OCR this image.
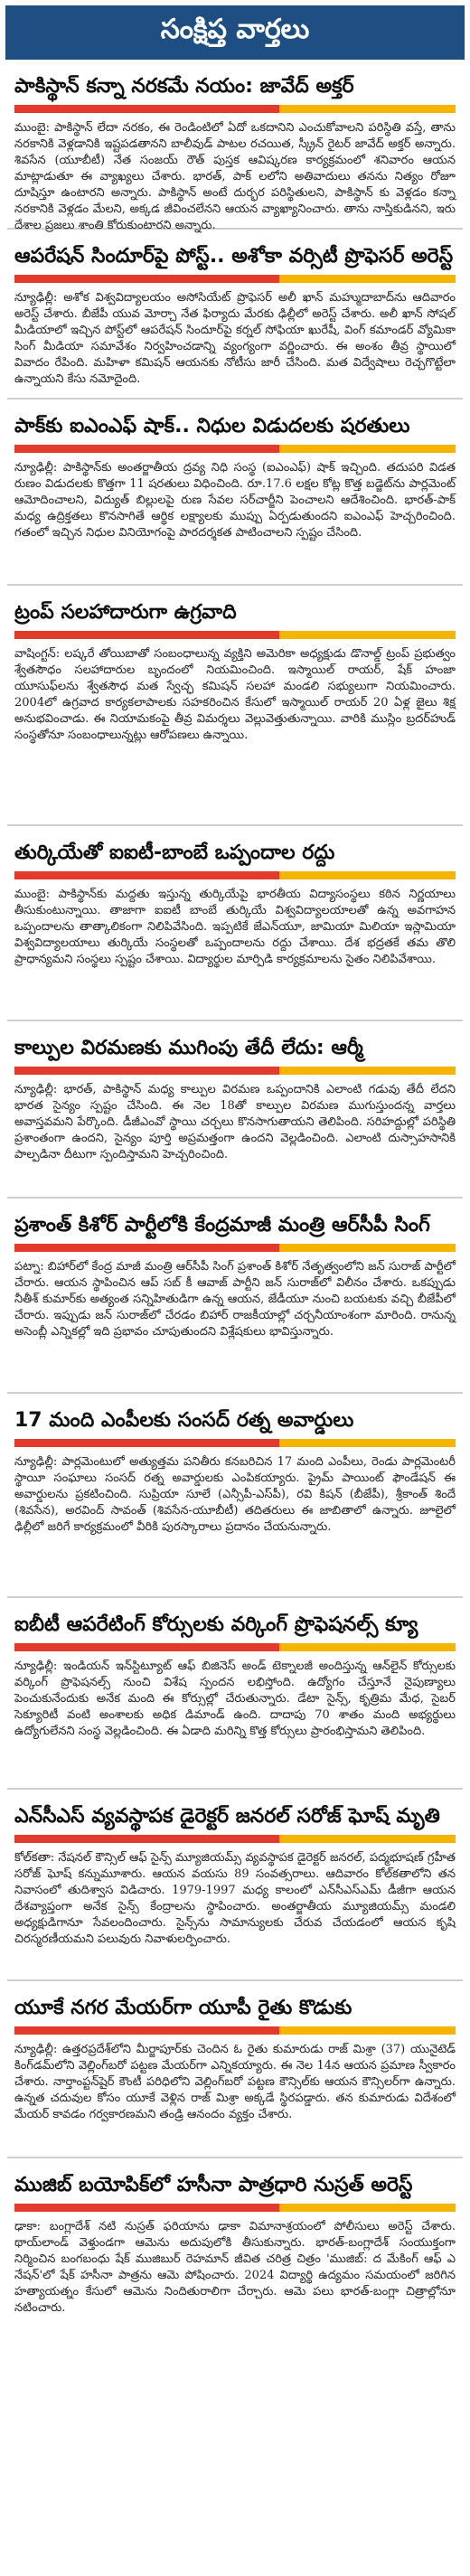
సంక్షిప్త వార్తలు
పాకిస్థాన్ కన్నా నరకమే నయం: జావేద్ అక్తర్

ముంబై: పాకిస్థాన్ లేదా నరకం, ఈ రెండింటిలో ఏదో ఒకదానిని ఎంచుకోవాలని పరిస్థితి వస్తే, తాను నరకానికి వెళ్లడానికి ఇష్టపడతానని బాలీవుడ్ పాటల రచయిత, స్క్రీన్ రైటర్ జావేద్ అక్తర్ అన్నారు. శివసేన (యూబీటీ) నేత సంజయ్ రౌత్ పుస్తక ఆవిష్కరణ కార్యక్రమంలో శనివారం ఆయన మాట్లాడుతూ ఈ వ్యాఖ్యలు చేశారు. భారత్, పాక్ లలోని అతివాదులు తనను నిత్యం రోజూ దూషిస్తూ ఉంటారని అన్నారు. పాకిస్థాన్ అంటే దుర్భర పరిస్థితులని, పాకిస్థాన్ కు వెళ్లడం కన్నా నరకానికి వెళ్లడం మేలని, అక్కడ జీవించలేనని ఆయన వ్యాఖ్యానించారు. తాను నాస్తికుడినని, ఇరు దేశాల ప్రజలు శాంతి కోరుకుంటారని అన్నారు.

ఆపరేషన్ సిందూర్‌పై పోస్ట్.. అశోకా వర్సిటీ ప్రొఫెసర్ అరెస్ట్

న్యూఢిల్లీ: అశోక విశ్వవిద్యాలయం అసోసియేట్ ప్రొఫెసర్ అలీ ఖాన్ మహ్ముదాబాద్‌ను ఆదివారం అరెస్ట్ చేశారు. బీజేపీ యువ మోర్చా నేత ఫిర్యాదు మేరకు ఢిల్లీలో అరెస్ట్ చేశారు. అలీ ఖాన్ సోషల్ మీడియాలో ఇచ్చిన పోస్ట్‌లో ఆపరేషన్ సిందూర్‌పై కర్నల్ సోఫియా ఖురేషీ, వింగ్ కమాండర్ వ్యోమికా సింగ్ మీడియా సమావేశం నిర్వహించడాన్ని వ్యంగ్యంగా వర్ణించారు. ఈ అంశం తీవ్ర స్థాయిలో వివాదం రేపింది. మహిళా కమిషన్ ఆయనకు నోటీసు జారీ చేసింది. మత విద్వేషాలు రెచ్చగొట్టేలా ఉన్నాయని కేసు నమోదైంది.

పాక్‌కు ఐఎంఎఫ్ షాక్.. నిధుల విడుదలకు షరతులు

న్యూఢిల్లీ: పాకిస్థాన్‌కు అంతర్జాతీయ ద్రవ్య నిధి సంస్థ (ఐఎంఎఫ్) షాక్ ఇచ్చింది. తదుపరి విడత రుణం విడుదలకు కొత్తగా 11 షరతులు విధించింది. రూ.17.6 లక్షల కోట్ల కొత్త బడ్జెట్‌ను పార్లమెంట్ ఆమోదించాలని, విద్యుత్ బిల్లులపై రుణ సేవల సర్‌చార్జీని పెంచాలని ఆదేశించింది. భారత్-పాక్ మధ్య ఉద్రిక్తతలు కొనసాగితే ఆర్థిక లక్ష్యాలకు ముప్పు ఏర్పడుతుందని ఐఎంఎఫ్ హెచ్చరించింది. గతంలో ఇచ్చిన నిధుల వినియోగంపై పారదర్శకత పాటించాలని స్పష్టం చేసింది.

ట్రంప్ సలహాదారుగా ఉగ్రవాది

వాషింగ్టన్: లష్కరే తోయిబాతో సంబంధాలున్న వ్యక్తిని అమెరికా అధ్యక్షుడు డొనాల్డ్ ట్రంప్ ప్రభుత్వం శ్వేతసౌధం సలహాదారుల బృందంలో నియమించింది. ఇస్మాయిల్ రాయర్, షేక్ హంజా యూసుఫ్‌లను శ్వేతసౌధ మత స్వేచ్ఛ కమిషన్ సలహా మండలి సభ్యులుగా నియమించారు. 2004లో ఉగ్రవాద కార్యకలాపాలకు సహకరించిన కేసులో ఇస్మాయిల్ రాయర్ 20 ఏళ్ల జైలు శిక్ష అనుభవించాడు. ఈ నియామకంపై తీవ్ర విమర్శలు వెల్లువెత్తుతున్నాయి. వారికి ముస్లిం బ్రదర్‌హుడ్ సంస్థతోనూ సంబంధాలున్నట్లు ఆరోపణలు ఉన్నాయి.

తుర్కియేతో ఐఐటీ-బాంబే ఒప్పందాల రద్దు

ముంబై: పాకిస్థాన్‌కు మద్దతు ఇస్తున్న తుర్కియేపై భారతీయ విద్యాసంస్థలు కఠిన నిర్ణయాలు తీసుకుంటున్నాయి. తాజాగా ఐఐటీ బాంబే తుర్కియే విశ్వవిద్యాలయాలతో ఉన్న అవగాహన ఒప్పందాలను తాత్కాలికంగా నిలిపివేసింది. ఇప్పటికే జేఎన్‌యూ, జామియా మిలియా ఇస్లామియా విశ్వవిద్యాలయాలు తుర్కియే సంస్థలతో ఒప్పందాలను రద్దు చేశాయి. దేశ భద్రతకే తమ తొలి ప్రాధాన్యమని సంస్థలు స్పష్టం చేశాయి. విద్యార్థుల మార్పిడి కార్యక్రమాలను సైతం నిలిపివేశాయి.

కాల్పుల విరమణకు ముగింపు తేదీ లేదు: ఆర్మీ

న్యూఢిల్లీ: భారత్, పాకిస్థాన్ మధ్య కాల్పుల విరమణ ఒప్పందానికి ఎలాంటి గడువు తేదీ లేదని భారత సైన్యం స్పష్టం చేసింది. ఈ నెల 18తో కాల్పుల విరమణ ముగుస్తుందన్న వార్తలు అవాస్తవమని పేర్కొంది. డీజీఎంవో స్థాయి చర్చలు కొనసాగుతాయని తెలిపింది. సరిహద్దుల్లో పరిస్థితి ప్రశాంతంగా ఉందని, సైన్యం పూర్తి అప్రమత్తంగా ఉందని వెల్లడించింది. ఎలాంటి దుస్సాహసానికి పాల్పడినా దీటుగా స్పందిస్తామని హెచ్చరించింది.

ప్రశాంత్ కిశోర్ పార్టీలోకి కేంద్రమాజీ మంత్రి ఆర్‌సీపీ సింగ్

పట్నా: బిహార్‌లో కేంద్ర మాజీ మంత్రి ఆర్‌సీపీ సింగ్ ప్రశాంత్ కిశోర్ నేతృత్వంలోని జన్ సురాజ్ పార్టీలో చేరారు. ఆయన స్థాపించిన ఆప్ సబ్ కీ ఆవాజ్ పార్టీని జన్ సురాజ్‌లో విలీనం చేశారు. ఒకప్పుడు నీతీశ్ కుమార్‌కు అత్యంత సన్నిహితుడిగా ఉన్న ఆయన, జేడీయూ నుంచి బయటకు వచ్చి బీజేపీలో చేరారు. ఇప్పుడు జన్ సురాజ్‌లో చేరడం బిహార్ రాజకీయాల్లో చర్చనీయాంశంగా మారింది. రానున్న అసెంబ్లీ ఎన్నికల్లో ఇది ప్రభావం చూపుతుందని విశ్లేషకులు భావిస్తున్నారు.

17 మంది ఎంపీలకు సంసద్ రత్న అవార్డులు

న్యూఢిల్లీ: పార్లమెంటులో అత్యుత్తమ పనితీరు కనబరిచిన 17 మంది ఎంపీలు, రెండు పార్లమెంటరీ స్థాయీ సంఘాలు సంసద్ రత్న అవార్డులకు ఎంపికయ్యారు. ప్రైమ్ పాయింట్ ఫౌండేషన్ ఈ అవార్డులను ప్రకటించింది. సుప్రియా సూలే (ఎన్సీపీ-ఎస్‌పీ), రవి కిషన్ (బీజేపీ), శ్రీకాంత్ శిందే (శివసేన), అరవింద్ సావంత్ (శివసేన-యూబీటీ) తదితరులు ఈ జాబితాలో ఉన్నారు. జూలైలో ఢిల్లీలో జరిగే కార్యక్రమంలో వీరికి పురస్కారాలు ప్రదానం చేయనున్నారు.

ఐబీటీ ఆపరేటింగ్ కోర్సులకు వర్కింగ్ ప్రొఫెషనల్స్ క్యూ

న్యూఢిల్లీ: ఇండియన్ ఇన్‌స్టిట్యూట్ ఆఫ్ బిజినెస్ అండ్ టెక్నాలజీ అందిస్తున్న ఆన్‌లైన్ కోర్సులకు వర్కింగ్ ప్రొఫెషనల్స్ నుంచి విశేష స్పందన లభిస్తోంది. ఉద్యోగం చేస్తూనే నైపుణ్యాలు పెంచుకునేందుకు అనేక మంది ఈ కోర్సుల్లో చేరుతున్నారు. డేటా సైన్స్, కృత్రిమ మేధ, సైబర్ సెక్యూరిటీ వంటి అంశాలకు అధిక డిమాండ్ ఉంది. దాదాపు 70 శాతం మంది అభ్యర్థులు ఉద్యోగులేనని సంస్థ వెల్లడించింది. ఈ ఏడాది మరిన్ని కొత్త కోర్సులు ప్రారంభిస్తామని తెలిపింది.

ఎన్‌సీఎస్ వ్యవస్థాపక డైరెక్టర్ జనరల్ సరోజ్ ఘోష్ మృతి

కోల్‌కతా: నేషనల్ కౌన్సిల్ ఆఫ్ సైన్స్ మ్యూజియమ్స్ వ్యవస్థాపక డైరెక్టర్ జనరల్, పద్మభూషణ్ గ్రహీత సరోజ్ ఘోష్ కన్నుమూశారు. ఆయన వయసు 89 సంవత్సరాలు. ఆదివారం కోల్‌కతాలోని తన నివాసంలో తుదిశ్వాస విడిచారు. 1979-1997 మధ్య కాలంలో ఎన్‌సీఎస్‌ఎమ్ డీజీగా ఆయన దేశవ్యాప్తంగా అనేక సైన్స్ కేంద్రాలను స్థాపించారు. అంతర్జాతీయ మ్యూజియమ్స్ మండలి అధ్యక్షుడిగానూ సేవలందించారు. సైన్స్‌ను సామాన్యులకు చేరువ చేయడంలో ఆయన కృషి చిరస్మరణీయమని పలువురు నివాళులర్పించారు.

యూకే నగర మేయర్‌గా యూపీ రైతు కొడుకు

న్యూఢిల్లీ: ఉత్తరప్రదేశ్‌లోని మీర్జాపూర్‌కు చెందిన ఓ రైతు కుమారుడు రాజ్ మిశ్రా (37) యునైటెడ్ కింగ్‌డమ్‌లోని వెల్లింగ్‌బరో పట్టణ మేయర్‌గా ఎన్నికయ్యారు. ఈ నెల 14న ఆయన ప్రమాణ స్వీకారం చేశారు. నార్తాంప్టన్‌షైర్ కౌంటీ పరిధిలోని వెల్లింగ్‌బరో పట్టణ కౌన్సిల్‌కు ఆయన కౌన్సిలర్‌గా ఉన్నారు. ఉన్నత చదువుల కోసం యూకే వెళ్లిన రాజ్ మిశ్రా అక్కడే స్థిరపడ్డారు. తన కుమారుడు విదేశంలో మేయర్ కావడం గర్వకారణమని తండ్రి ఆనందం వ్యక్తం చేశారు.

ముజిబ్ బయోపిక్‌లో హసీనా పాత్రధారి నుస్రత్ అరెస్ట్

ఢాకా: బంగ్లాదేశ్ నటి నుస్రత్ ఫరియాను ఢాకా విమానాశ్రయంలో పోలీసులు అరెస్ట్ చేశారు. థాయ్‌లాండ్ వెళ్తుండగా ఆమెను అదుపులోకి తీసుకున్నారు. భారత్-బంగ్లాదేశ్ సంయుక్తంగా నిర్మించిన బంగబంధు షేక్ ముజిబుర్ రెహమాన్ జీవిత చరిత్ర చిత్రం 'ముజిబ్: ద మేకింగ్ ఆఫ్ ఎ నేషన్'లో షేక్ హసీనా పాత్రను ఆమె పోషించారు. 2024 విద్యార్థి ఉద్యమం సమయంలో జరిగిన హత్యాయత్నం కేసులో ఆమెను నిందితురాలిగా చేర్చారు. ఆమె పలు భారత్-బంగ్లా చిత్రాల్లోనూ నటించారు.
